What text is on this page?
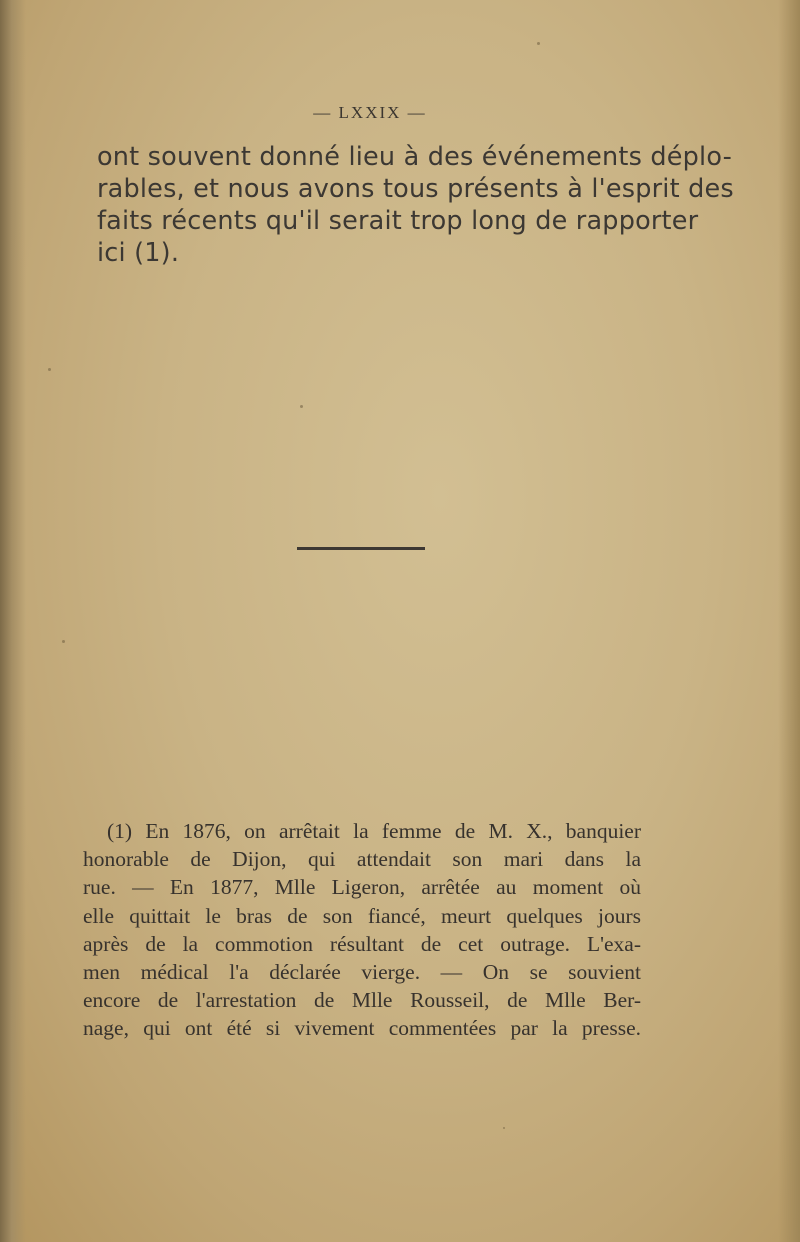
— LXXIX —
ont souvent donné lieu à des événements déplo-
rables, et nous avons tous présents à l'esprit des
faits récents qu'il serait trop long de rapporter
ici (1).
(1) En 1876, on arrêtait la femme de M. X., banquier
honorable de Dijon, qui attendait son mari dans la
rue. — En 1877, Mlle Ligeron, arrêtée au moment où
elle quittait le bras de son fiancé, meurt quelques jours
après de la commotion résultant de cet outrage. L'exa-
men médical l'a déclarée vierge. — On se souvient
encore de l'arrestation de Mlle Rousseil, de Mlle Ber-
nage, qui ont été si vivement commentées par la presse.
